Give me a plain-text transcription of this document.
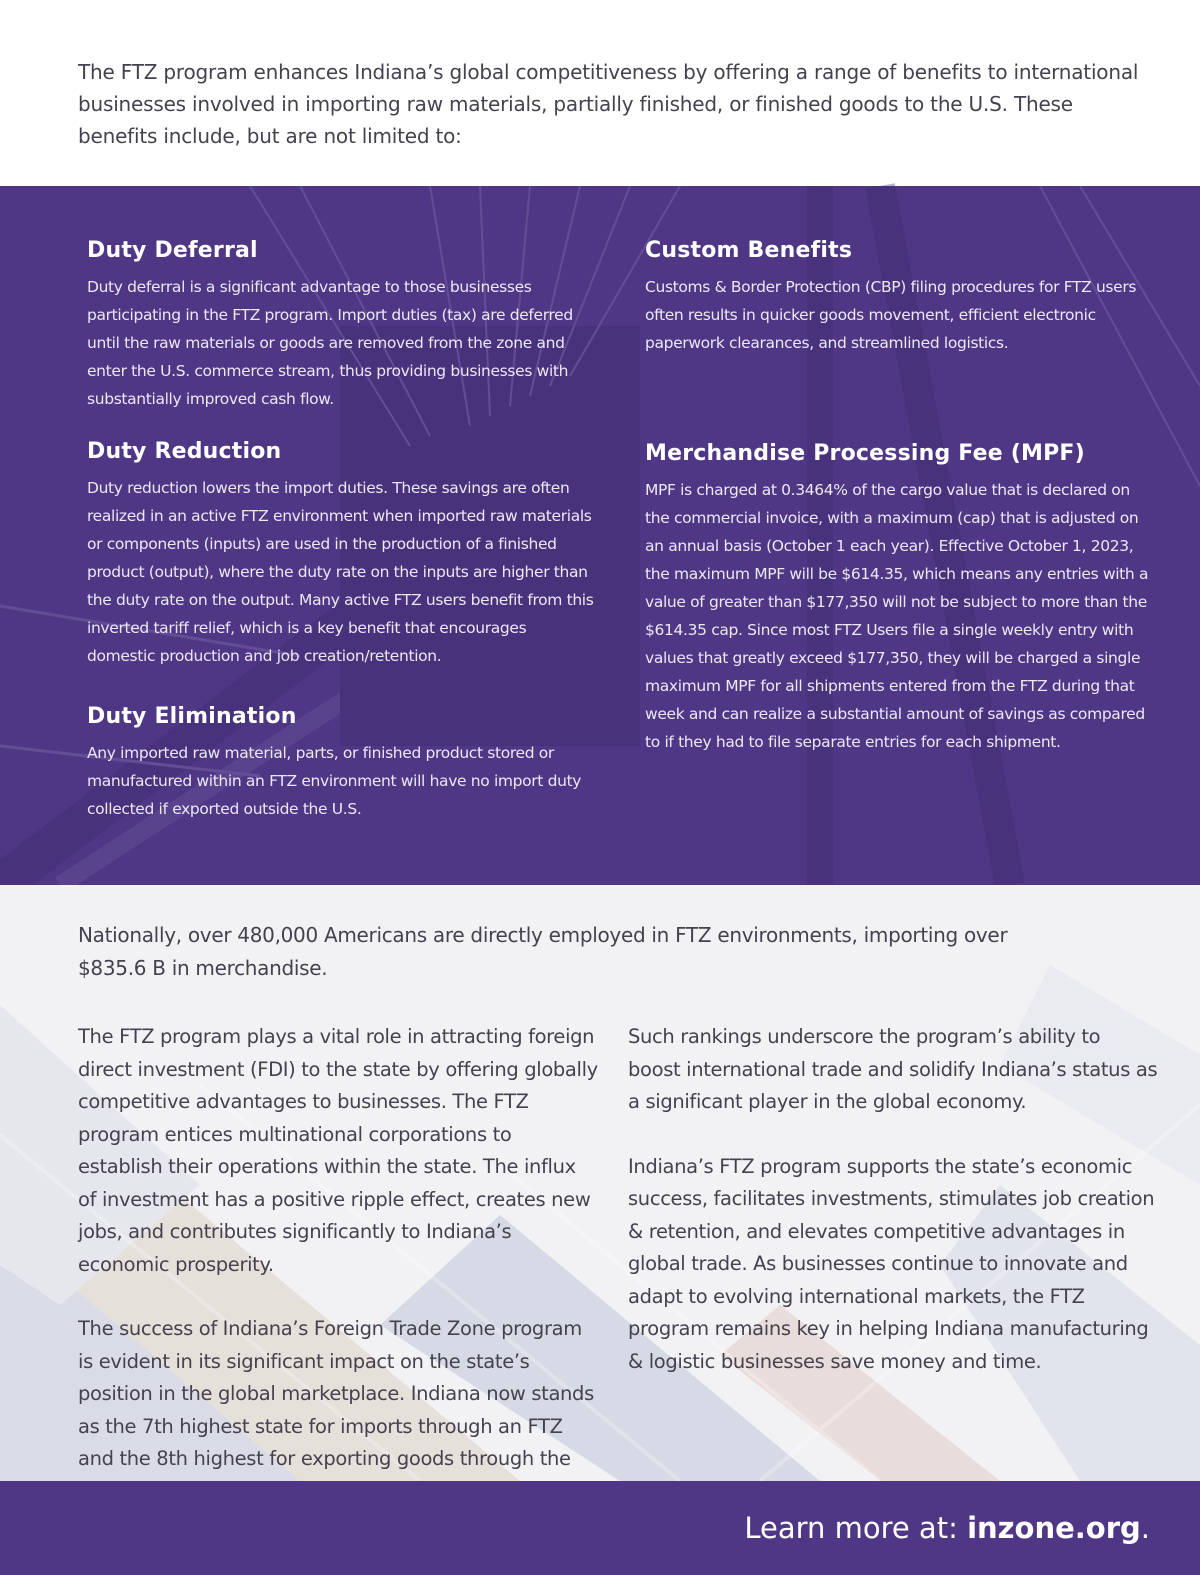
The FTZ program enhances Indiana’s global competitiveness by offering a range of benefits to international businesses involved in importing raw materials, partially finished, or finished goods to the U.S. These benefits include, but are not limited to:
Duty Deferral

Duty deferral is a significant advantage to those businesses participating in the FTZ program. Import duties (tax) are deferred until the raw materials or goods are removed from the zone and enter the U.S. commerce stream, thus providing businesses with substantially improved cash flow.

Duty Reduction

Duty reduction lowers the import duties. These savings are often realized in an active FTZ environment when imported raw materials or components (inputs) are used in the production of a finished product (output), where the duty rate on the inputs are higher than the duty rate on the output. Many active FTZ users benefit from this inverted tariff relief, which is a key benefit that encourages domestic production and job creation/retention.

Duty Elimination

Any imported raw material, parts, or finished product stored or manufactured within an FTZ environment will have no import duty collected if exported outside the U.S.

Custom Benefits

Customs & Border Protection (CBP) filing procedures for FTZ users often results in quicker goods movement, efficient electronic paperwork clearances, and streamlined logistics.

Merchandise Processing Fee (MPF)

MPF is charged at 0.3464% of the cargo value that is declared on the commercial invoice, with a maximum (cap) that is adjusted on an annual basis (October 1 each year). Effective October 1, 2023, the maximum MPF will be $614.35, which means any entries with a value of greater than $177,350 will not be subject to more than the $614.35 cap. Since most FTZ Users file a single weekly entry with values that greatly exceed $177,350, they will be charged a single maximum MPF for all shipments entered from the FTZ during that week and can realize a substantial amount of savings as compared to if they had to file separate entries for each shipment.

Nationally, over 480,000 Americans are directly employed in FTZ environments, importing over $835.6 B in merchandise.

The FTZ program plays a vital role in attracting foreign direct investment (FDI) to the state by offering globally competitive advantages to businesses. The FTZ program entices multinational corporations to establish their operations within the state. The influx of investment has a positive ripple effect, creates new jobs, and contributes significantly to Indiana’s economic prosperity.

The success of Indiana’s Foreign Trade Zone program is evident in its significant impact on the state’s position in the global marketplace. Indiana now stands as the 7th highest state for imports through an FTZ and the 8th highest for exporting goods through the

Such rankings underscore the program’s ability to boost international trade and solidify Indiana’s status as a significant player in the global economy.

Indiana’s FTZ program supports the state’s economic success, facilitates investments, stimulates job creation & retention, and elevates competitive advantages in global trade. As businesses continue to innovate and adapt to evolving international markets, the FTZ program remains key in helping Indiana manufacturing & logistic businesses save money and time.

Learn more at: inzone.org.
